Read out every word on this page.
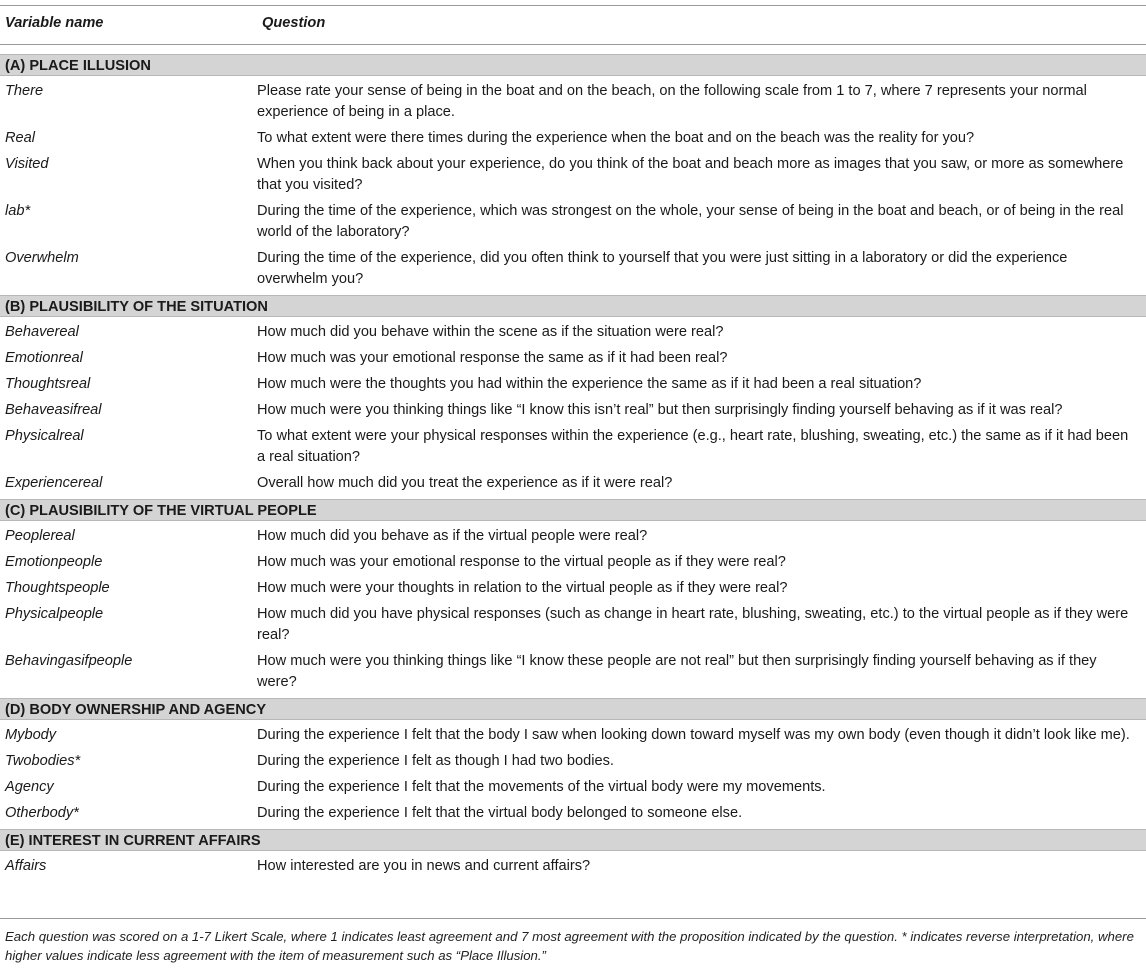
Variable name	Question
(A) PLACE ILLUSION
There	Please rate your sense of being in the boat and on the beach, on the following scale from 1 to 7, where 7 represents your normal experience of being in a place.
Real	To what extent were there times during the experience when the boat and on the beach was the reality for you?
Visited	When you think back about your experience, do you think of the boat and beach more as images that you saw, or more as somewhere that you visited?
lab*	During the time of the experience, which was strongest on the whole, your sense of being in the boat and beach, or of being in the real world of the laboratory?
Overwhelm	During the time of the experience, did you often think to yourself that you were just sitting in a laboratory or did the experience overwhelm you?
(B) PLAUSIBILITY OF THE SITUATION
Behavereal	How much did you behave within the scene as if the situation were real?
Emotionreal	How much was your emotional response the same as if it had been real?
Thoughtsreal	How much were the thoughts you had within the experience the same as if it had been a real situation?
Behaveasifreal	How much were you thinking things like “I know this isn’t real” but then surprisingly finding yourself behaving as if it was real?
Physicalreal	To what extent were your physical responses within the experience (e.g., heart rate, blushing, sweating, etc.) the same as if it had been a real situation?
Experiencereal	Overall how much did you treat the experience as if it were real?
(C) PLAUSIBILITY OF THE VIRTUAL PEOPLE
Peoplereal	How much did you behave as if the virtual people were real?
Emotionpeople	How much was your emotional response to the virtual people as if they were real?
Thoughtspeople	How much were your thoughts in relation to the virtual people as if they were real?
Physicalpeople	How much did you have physical responses (such as change in heart rate, blushing, sweating, etc.) to the virtual people as if they were real?
Behavingasifpeople	How much were you thinking things like “I know these people are not real” but then surprisingly finding yourself behaving as if they were?
(D) BODY OWNERSHIP AND AGENCY
Mybody	During the experience I felt that the body I saw when looking down toward myself was my own body (even though it didn’t look like me).
Twobodies*	During the experience I felt as though I had two bodies.
Agency	During the experience I felt that the movements of the virtual body were my movements.
Otherbody*	During the experience I felt that the virtual body belonged to someone else.
(E) INTEREST IN CURRENT AFFAIRS
Affairs	How interested are you in news and current affairs?
Each question was scored on a 1-7 Likert Scale, where 1 indicates least agreement and 7 most agreement with the proposition indicated by the question. * indicates reverse interpretation, where higher values indicate less agreement with the item of measurement such as “Place Illusion.”
